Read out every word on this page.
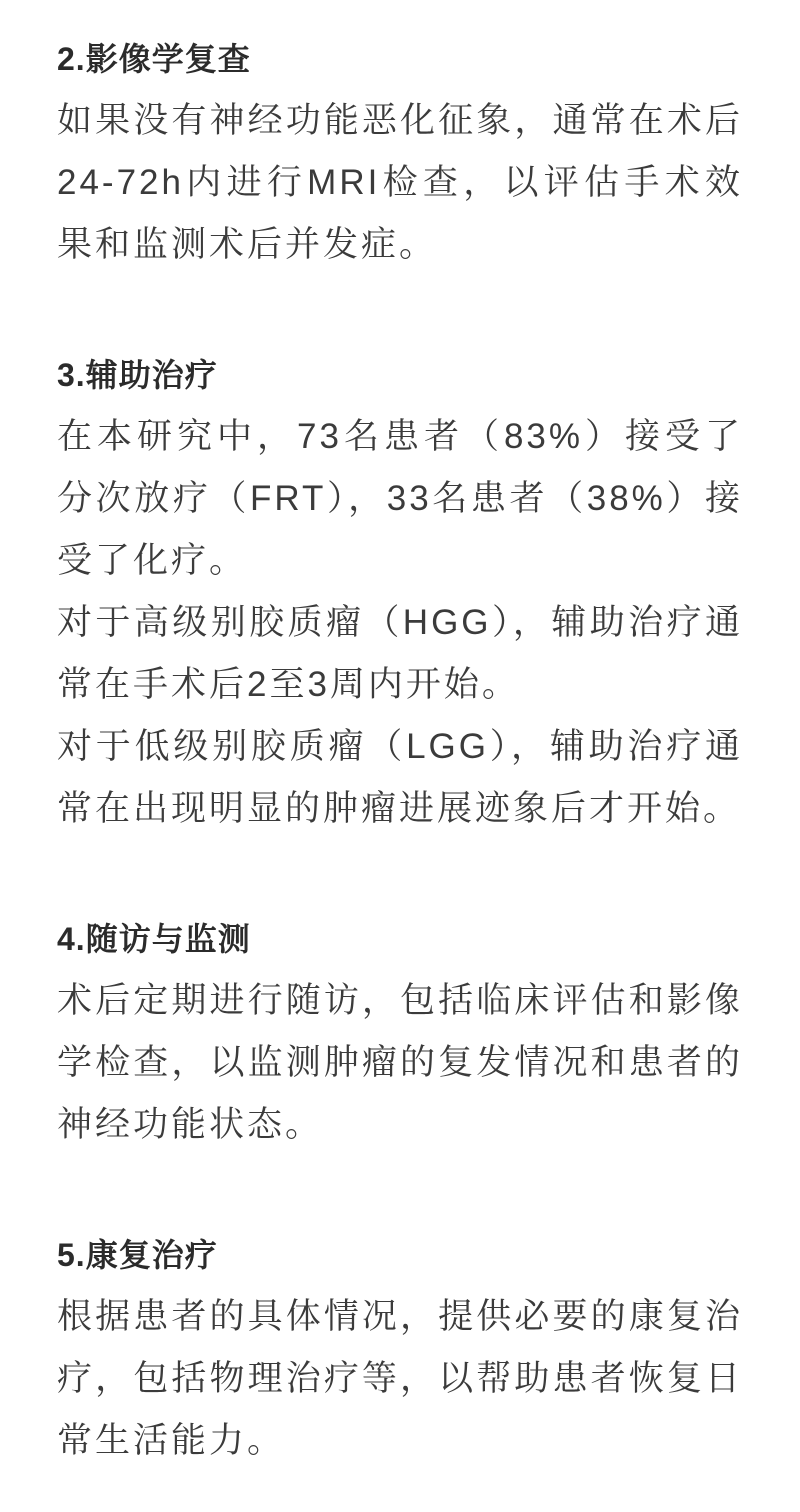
2.影像学复查

如果没有神经功能恶化征象，通常在术后24-72h内进行MRI检查，以评估手术效果和监测术后并发症。

3.辅助治疗

在本研究中，73名患者（83%）接受了分次放疗（FRT），33名患者（38%）接受了化疗。

对于高级别胶质瘤（HGG），辅助治疗通常在手术后2至3周内开始。

对于低级别胶质瘤（LGG），辅助治疗通常在出现明显的肿瘤进展迹象后才开始。

4.随访与监测

术后定期进行随访，包括临床评估和影像学检查，以监测肿瘤的复发情况和患者的神经功能状态。

5.康复治疗

根据患者的具体情况，提供必要的康复治疗，包括物理治疗等，以帮助患者恢复日常生活能力。
